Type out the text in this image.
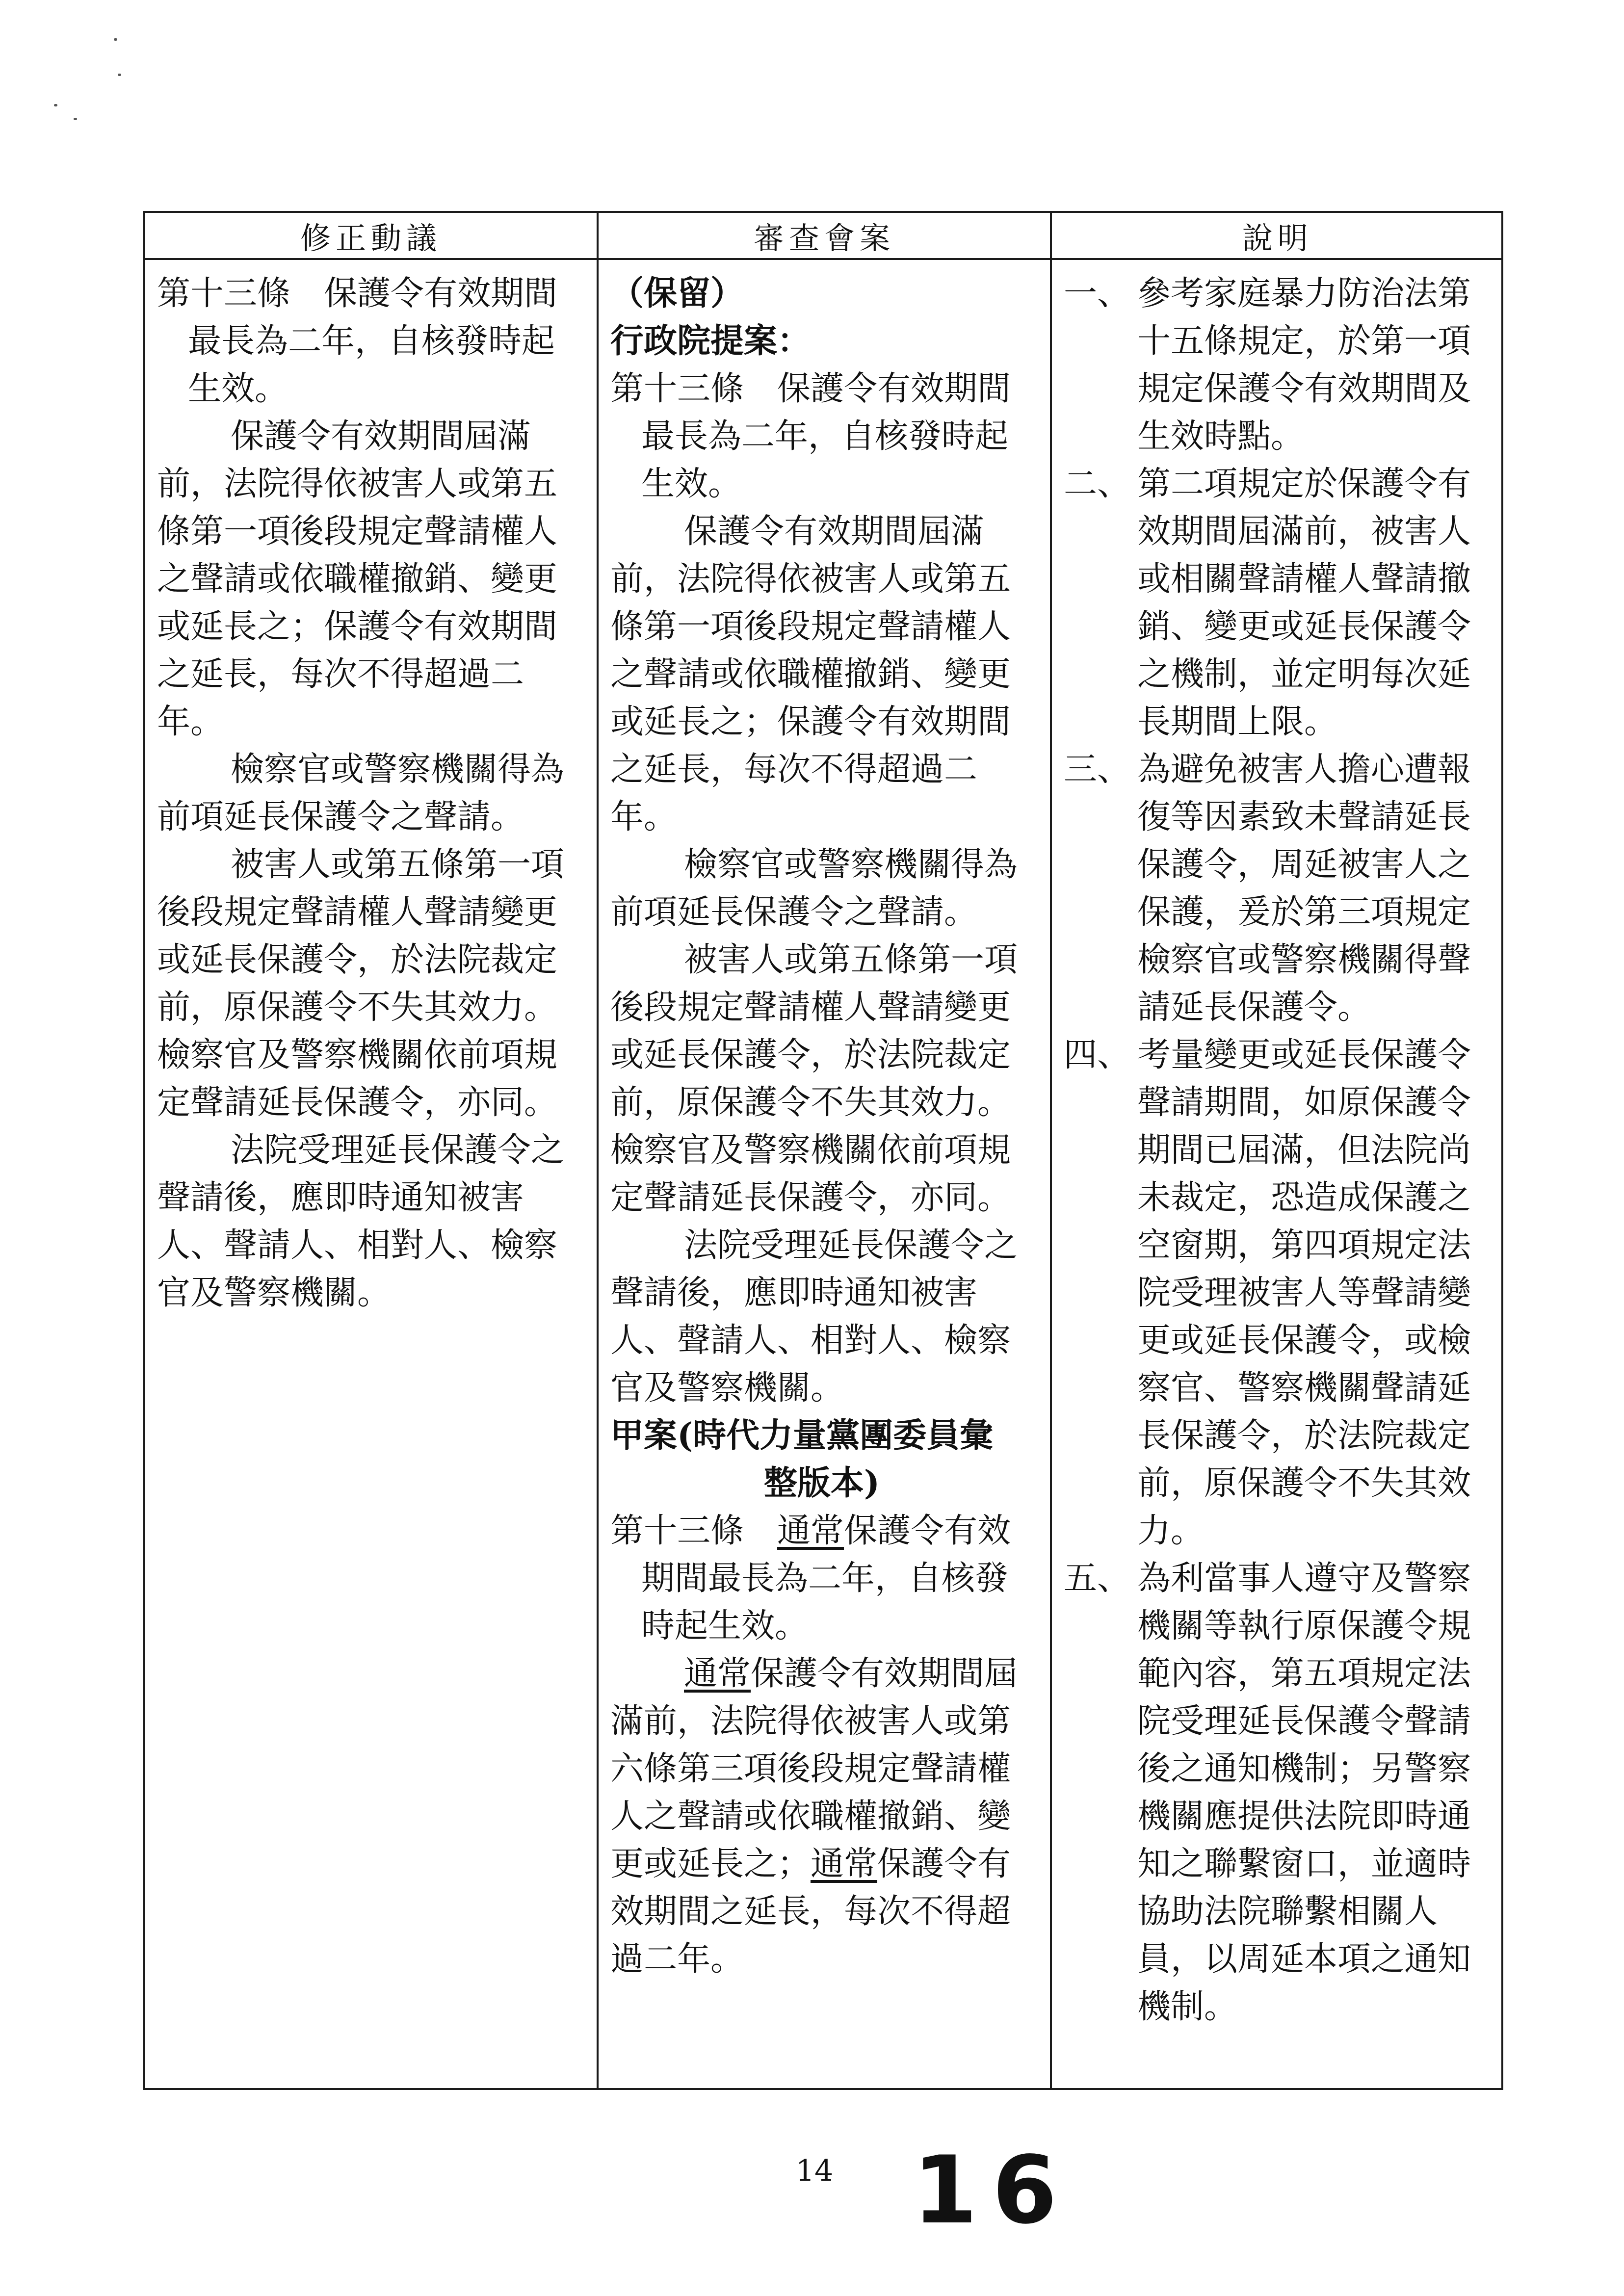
修正動議	審查會案	說明

第十三條　保護令有效期間最長為二年，自核發時起生效。

保護令有效期間屆滿前，法院得依被害人或第五條第一項後段規定聲請權人之聲請或依職權撤銷、變更或延長之；保護令有效期間之延長，每次不得超過二年。

檢察官或警察機關得為前項延長保護令之聲請。

被害人或第五條第一項後段規定聲請權人聲請變更或延長保護令，於法院裁定前，原保護令不失其效力。檢察官及警察機關依前項規定聲請延長保護令，亦同。

法院受理延長保護令之聲請後，應即時通知被害人、聲請人、相對人、檢察官及警察機關。

（保留）

行政院提案：

第十三條　保護令有效期間最長為二年，自核發時起生效。

保護令有效期間屆滿前，法院得依被害人或第五條第一項後段規定聲請權人之聲請或依職權撤銷、變更或延長之；保護令有效期間之延長，每次不得超過二年。

檢察官或警察機關得為前項延長保護令之聲請。

被害人或第五條第一項後段規定聲請權人聲請變更或延長保護令，於法院裁定前，原保護令不失其效力。檢察官及警察機關依前項規定聲請延長保護令，亦同。

法院受理延長保護令之聲請後，應即時通知被害人、聲請人、相對人、檢察官及警察機關。

甲案(時代力量黨團委員彙

整版本)

第十三條　通常保護令有效期間最長為二年，自核發時起生效。

通常保護令有效期間屆滿前，法院得依被害人或第六條第三項後段規定聲請權人之聲請或依職權撤銷、變更或延長之；通常保護令有效期間之延長，每次不得超過二年。

一、 參考家庭暴力防治法第十五條規定，於第一項規定保護令有效期間及生效時點。
二、 第二項規定於保護令有效期間屆滿前，被害人或相關聲請權人聲請撤銷、變更或延長保護令之機制，並定明每次延長期間上限。
三、 為避免被害人擔心遭報復等因素致未聲請延長保護令，周延被害人之保護，爰於第三項規定檢察官或警察機關得聲請延長保護令。
四、 考量變更或延長保護令聲請期間，如原保護令期間已屆滿，但法院尚未裁定，恐造成保護之空窗期，第四項規定法院受理被害人等聲請變更或延長保護令，或檢察官、警察機關聲請延長保護令，於法院裁定前，原保護令不失其效力。
五、 為利當事人遵守及警察機關等執行原保護令規範內容，第五項規定法院受理延長保護令聲請後之通知機制；另警察機關應提供法院即時通知之聯繫窗口，並適時協助法院聯繫相關人員，以周延本項之通知機制。
14 16
